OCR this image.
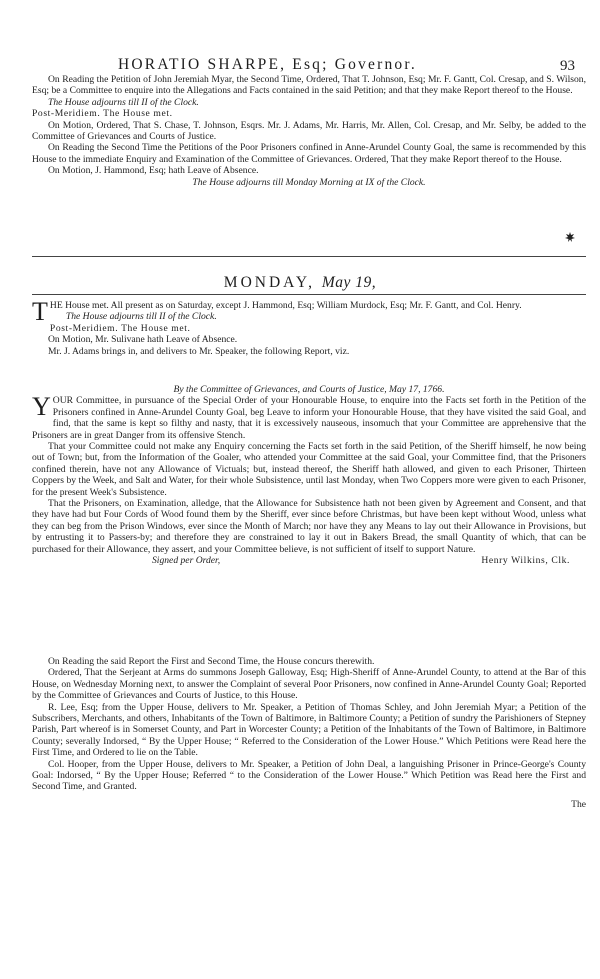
HORATIO SHARPE, Esq; Governor.	93

On Reading the Petition of John Jeremiah Myar, the Second Time, Ordered, That T. Johnson, Esq; Mr. F. Gantt, Col. Cresap, and S. Wilson, Esq; be a Committee to enquire into the Allegations and Facts contained in the said Petition; and that they make Report thereof to the House.

The House adjourns till II of the Clock.

Post-Meridiem. The House met.

On Motion, Ordered, That S. Chase, T. Johnson, Esqrs. Mr. J. Adams, Mr. Harris, Mr. Allen, Col. Cresap, and Mr. Selby, be added to the Committee of Grievances and Courts of Justice.

On Reading the Second Time the Petitions of the Poor Prisoners confined in Anne-Arundel County Goal, the same is recommended by this House to the immediate Enquiry and Examination of the Committee of Grievances. Ordered, That they make Report thereof to the House.

On Motion, J. Hammond, Esq; hath Leave of Absence.

The House adjourns till Monday Morning at IX of the Clock.

MONDAY, May 19,

THE House met. All present as on Saturday, except J. Hammond, Esq; William Murdock, Esq; Mr. F. Gantt, and Col. Henry.

The House adjourns till II of the Clock.

Post-Meridiem. The House met.

On Motion, Mr. Sulivane hath Leave of Absence.

Mr. J. Adams brings in, and delivers to Mr. Speaker, the following Report, viz.

By the Committee of Grievances, and Courts of Justice, May 17, 1766.

YOUR Committee, in pursuance of the Special Order of your Honourable House, to enquire into the Facts set forth in the Petition of the Prisoners confined in Anne-Arundel County Goal, beg Leave to inform your Honourable House, that they have visited the said Goal, and find, that the same is kept so filthy and nasty, that it is excessively nauseous, insomuch that your Committee are apprehensive that the Prisoners are in great Danger from its offensive Stench.

That your Committee could not make any Enquiry concerning the Facts set forth in the said Petition, of the Sheriff himself, he now being out of Town; but, from the Information of the Goaler, who attended your Committee at the said Goal, your Committee find, that the Prisoners confined therein, have not any Allowance of Victuals; but, instead thereof, the Sheriff hath allowed, and given to each Prisoner, Thirteen Coppers by the Week, and Salt and Water, for their whole Subsistence, until last Monday, when Two Coppers more were given to each Prisoner, for the present Week's Subsistence.

That the Prisoners, on Examination, alledge, that the Allowance for Subsistence hath not been given by Agreement and Consent, and that they have had but Four Cords of Wood found them by the Sheriff, ever since before Christmas, but have been kept without Wood, unless what they can beg from the Prison Windows, ever since the Month of March; nor have they any Means to lay out their Allowance in Provisions, but by entrusting it to Passers-by; and therefore they are constrained to lay it out in Bakers Bread, the small Quantity of which, that can be purchased for their Allowance, they assert, and your Committee believe, is not sufficient of itself to support Nature.

Signed per Order,	Henry Wilkins, Clk.

On Reading the said Report the First and Second Time, the House concurs therewith.

Ordered, That the Serjeant at Arms do summons Joseph Galloway, Esq; High-Sheriff of Anne-Arundel County, to attend at the Bar of this House, on Wednesday Morning next, to answer the Complaint of several Poor Prisoners, now confined in Anne-Arundel County Goal; Reported by the Committee of Grievances and Courts of Justice, to this House.

R. Lee, Esq; from the Upper House, delivers to Mr. Speaker, a Petition of Thomas Schley, and John Jeremiah Myar; a Petition of the Subscribers, Merchants, and others, Inhabitants of the Town of Baltimore, in Baltimore County; a Petition of sundry the Parishioners of Stepney Parish, Part whereof is in Somerset County, and Part in Worcester County; a Petition of the Inhabitants of the Town of Baltimore, in Baltimore County; severally Indorsed, “ By the Upper House; “ Referred to the Consideration of the Lower House.” Which Petitions were Read here the First Time, and Ordered to lie on the Table.

Col. Hooper, from the Upper House, delivers to Mr. Speaker, a Petition of John Deal, a languishing Prisoner in Prince-George's County Goal: Indorsed, “ By the Upper House; Referred “ to the Consideration of the Lower House.” Which Petition was Read here the First and Second Time, and Granted.

The
